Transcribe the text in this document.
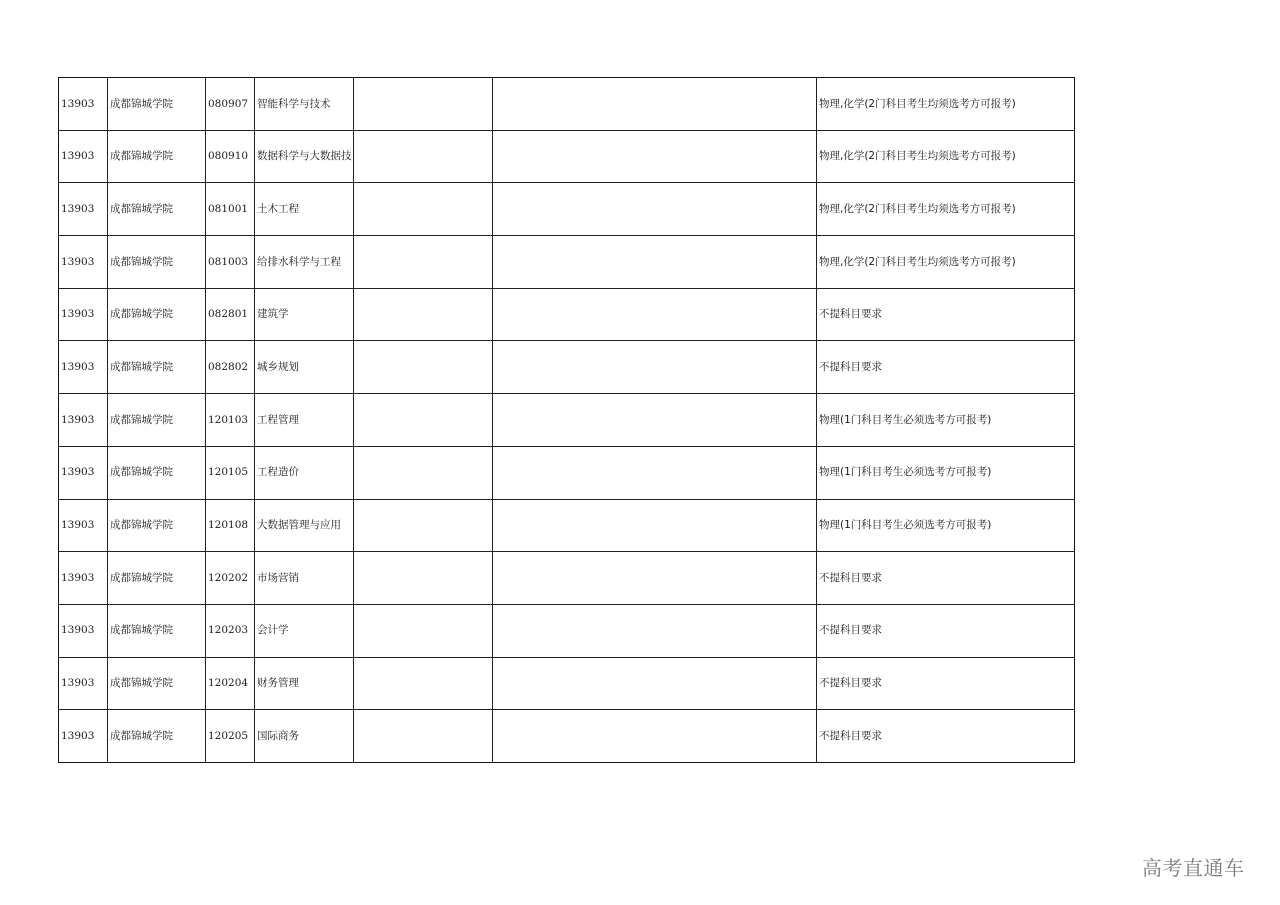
13903	成都锦城学院	080907	智能科学与技术			物理,化学(2门科目考生均须选考方可报考)
13903	成都锦城学院	080910	数据科学与大数据技			物理,化学(2门科目考生均须选考方可报考)
13903	成都锦城学院	081001	土木工程			物理,化学(2门科目考生均须选考方可报考)
13903	成都锦城学院	081003	给排水科学与工程			物理,化学(2门科目考生均须选考方可报考)
13903	成都锦城学院	082801	建筑学			不提科目要求
13903	成都锦城学院	082802	城乡规划			不提科目要求
13903	成都锦城学院	120103	工程管理			物理(1门科目考生必须选考方可报考)
13903	成都锦城学院	120105	工程造价			物理(1门科目考生必须选考方可报考)
13903	成都锦城学院	120108	大数据管理与应用			物理(1门科目考生必须选考方可报考)
13903	成都锦城学院	120202	市场营销			不提科目要求
13903	成都锦城学院	120203	会计学			不提科目要求
13903	成都锦城学院	120204	财务管理			不提科目要求
13903	成都锦城学院	120205	国际商务			不提科目要求
高考直通车
